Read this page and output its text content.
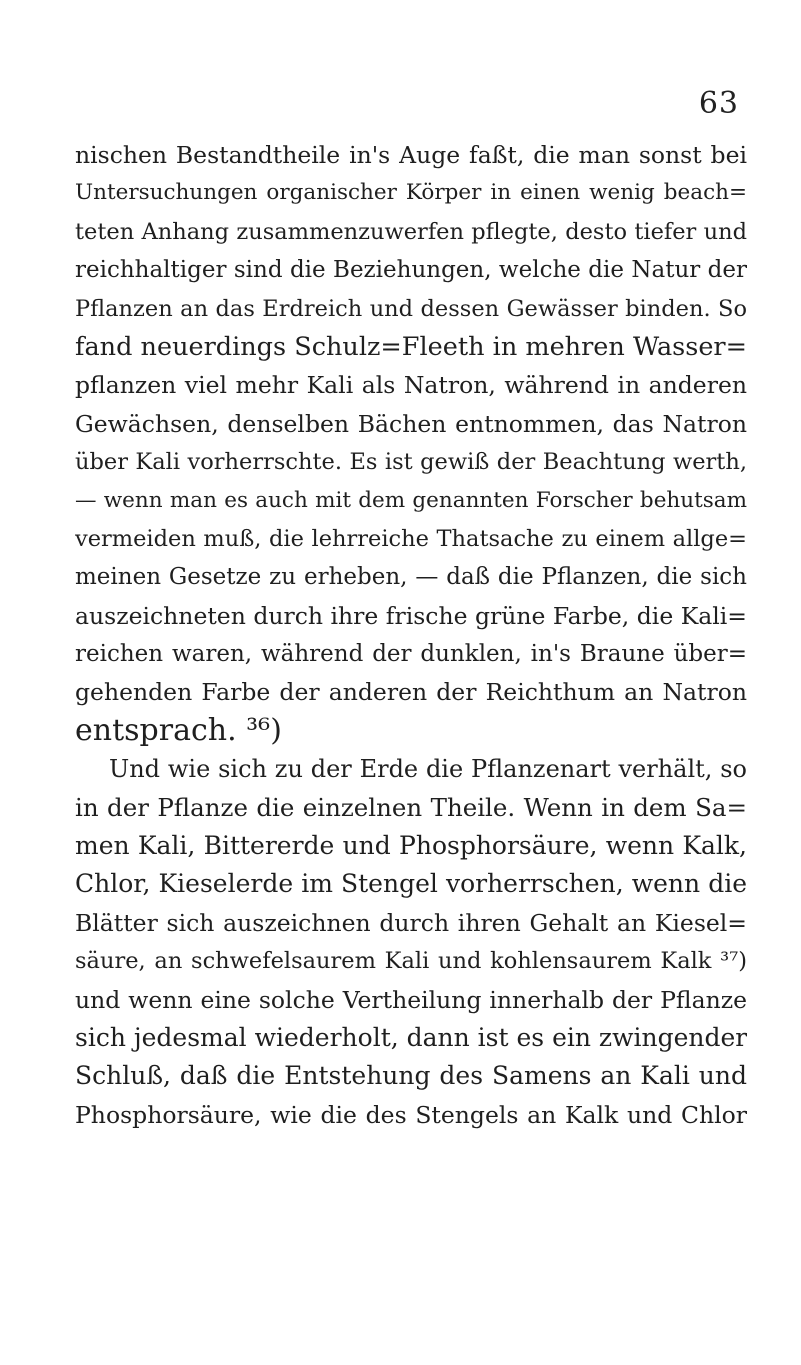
63
nischen Bestandtheile in's Auge faßt, die man sonst bei
Untersuchungen organischer Körper in einen wenig beach=
teten Anhang zusammenzuwerfen pflegte, desto tiefer und
reichhaltiger sind die Beziehungen, welche die Natur der
Pflanzen an das Erdreich und dessen Gewässer binden. So
fand neuerdings Schulz=Fleeth in mehren Wasser=
pflanzen viel mehr Kali als Natron, während in anderen
Gewächsen, denselben Bächen entnommen, das Natron
über Kali vorherrschte. Es ist gewiß der Beachtung werth,
— wenn man es auch mit dem genannten Forscher behutsam
vermeiden muß, die lehrreiche Thatsache zu einem allge=
meinen Gesetze zu erheben, — daß die Pflanzen, die sich
auszeichneten durch ihre frische grüne Farbe, die Kali=
reichen waren, während der dunklen, in's Braune über=
gehenden Farbe der anderen der Reichthum an Natron
entsprach. ³⁶)
Und wie sich zu der Erde die Pflanzenart verhält, so
in der Pflanze die einzelnen Theile. Wenn in dem Sa=
men Kali, Bittererde und Phosphorsäure, wenn Kalk,
Chlor, Kieselerde im Stengel vorherrschen, wenn die
Blätter sich auszeichnen durch ihren Gehalt an Kiesel=
säure, an schwefelsaurem Kali und kohlensaurem Kalk ³⁷)
und wenn eine solche Vertheilung innerhalb der Pflanze
sich jedesmal wiederholt, dann ist es ein zwingender
Schluß, daß die Entstehung des Samens an Kali und
Phosphorsäure, wie die des Stengels an Kalk und Chlor
